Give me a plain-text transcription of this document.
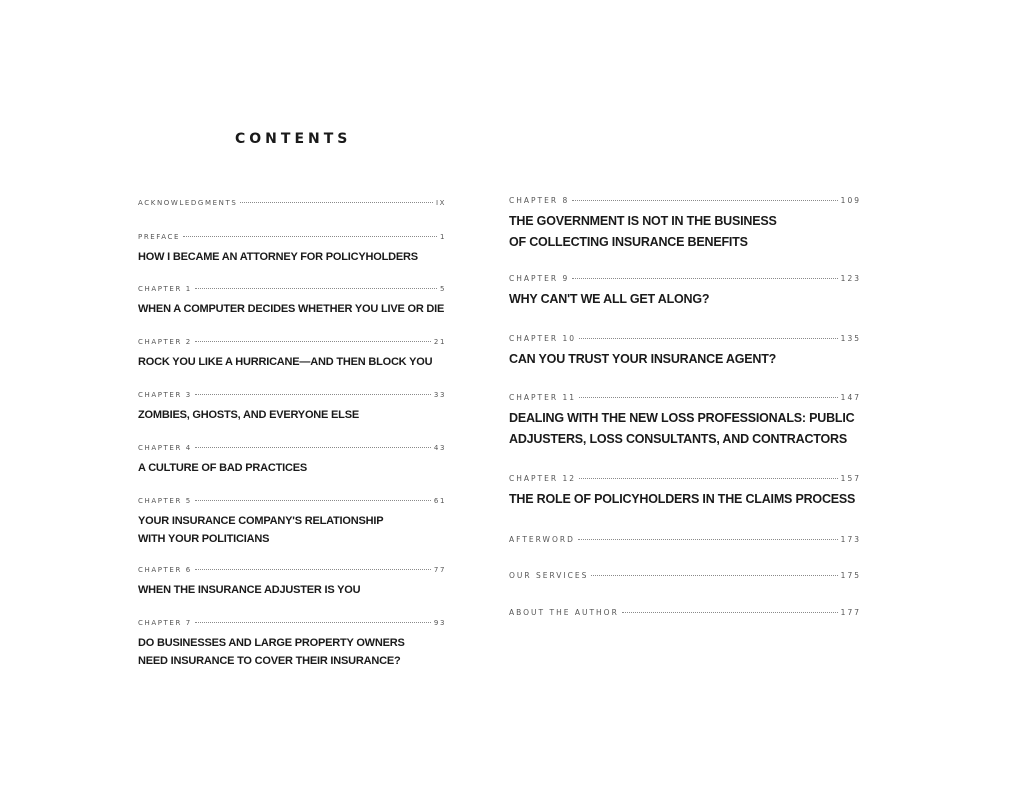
CONTENTS
ACKNOWLEDGMENTS	IX
PREFACE	1
HOW I BECAME AN ATTORNEY FOR POLICYHOLDERS
CHAPTER 1	5
WHEN A COMPUTER DECIDES WHETHER YOU LIVE OR DIE
CHAPTER 2	21
ROCK YOU LIKE A HURRICANE—AND THEN BLOCK YOU
CHAPTER 3	33
ZOMBIES, GHOSTS, AND EVERYONE ELSE
CHAPTER 4	43
A CULTURE OF BAD PRACTICES
CHAPTER 5	61
YOUR INSURANCE COMPANY'S RELATIONSHIP
WITH YOUR POLITICIANS
CHAPTER 6	77
WHEN THE INSURANCE ADJUSTER IS YOU
CHAPTER 7	93
DO BUSINESSES AND LARGE PROPERTY OWNERS
NEED INSURANCE TO COVER THEIR INSURANCE?
CHAPTER 8	109
THE GOVERNMENT IS NOT IN THE BUSINESS
OF COLLECTING INSURANCE BENEFITS
CHAPTER 9	123
WHY CAN'T WE ALL GET ALONG?
CHAPTER 10	135
CAN YOU TRUST YOUR INSURANCE AGENT?
CHAPTER 11	147
DEALING WITH THE NEW LOSS PROFESSIONALS: PUBLIC
ADJUSTERS, LOSS CONSULTANTS, AND CONTRACTORS
CHAPTER 12	157
THE ROLE OF POLICYHOLDERS IN THE CLAIMS PROCESS
AFTERWORD	173
OUR SERVICES	175
ABOUT THE AUTHOR	177
